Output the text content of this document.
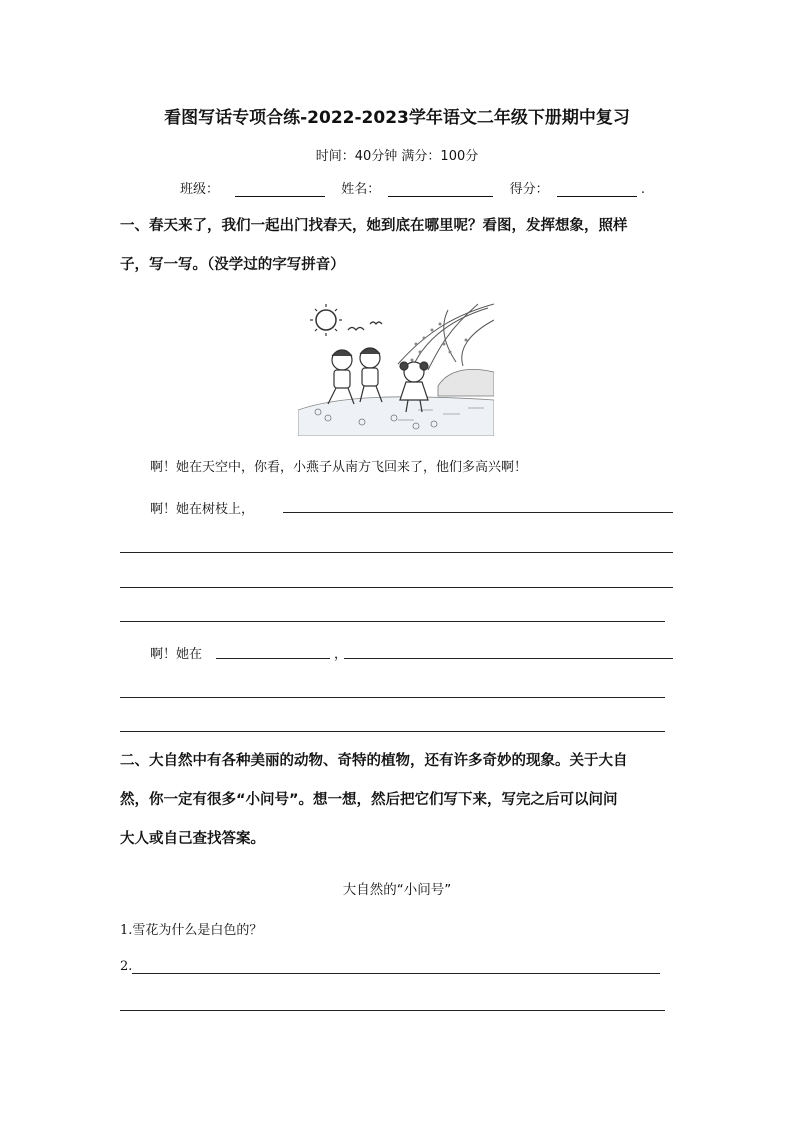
看图写话专项合练-2022-2023学年语文二年级下册期中复习
时间：40分钟 满分：100分
班级：	姓名：	得分：	.
一、春天来了，我们一起出门找春天，她到底在哪里呢？看图，发挥想象，照样
子，写一写。（没学过的字写拼音）
啊！她在天空中，你看，小燕子从南方飞回来了，他们多高兴啊！
啊！她在树枝上，
啊！她在	，
二、大自然中有各种美丽的动物、奇特的植物，还有许多奇妙的现象。关于大自
然，你一定有很多“小问号”。想一想，然后把它们写下来，写完之后可以问问
大人或自己查找答案。
大自然的“小问号”
1.雪花为什么是白色的？
2.
